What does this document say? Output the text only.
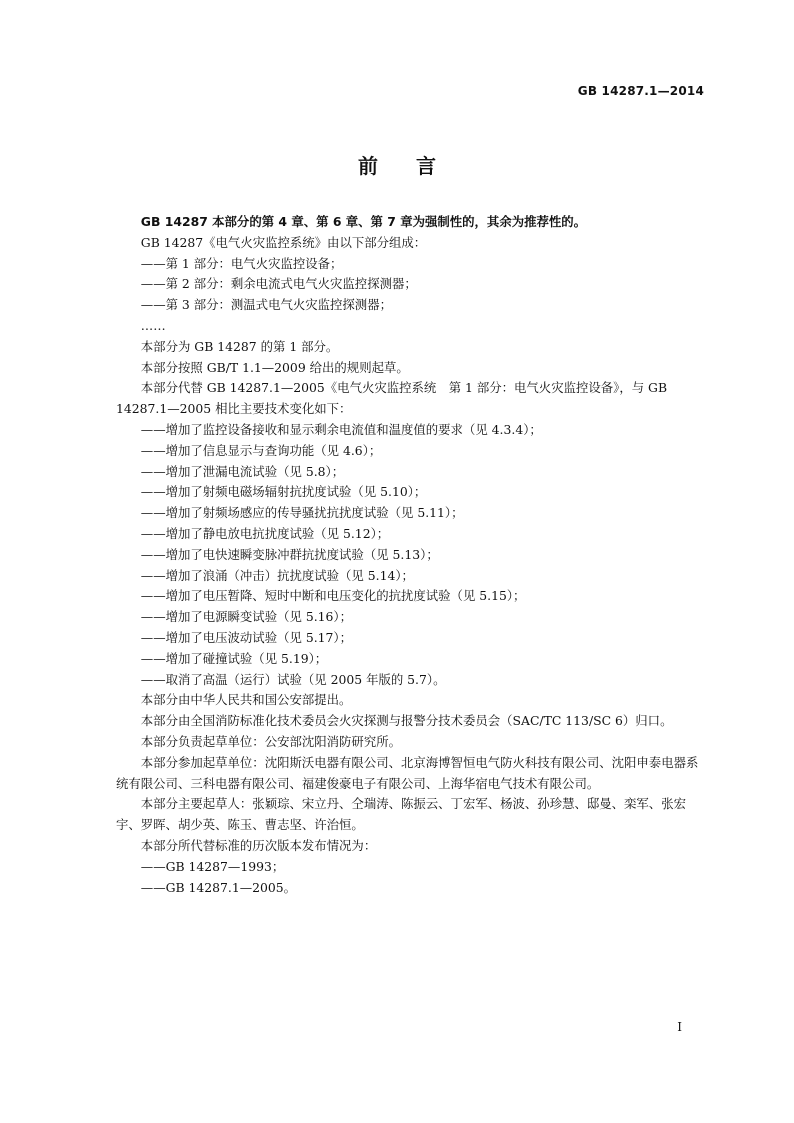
GB 14287.1—2014
前言

GB 14287 本部分的第 4 章、第 6 章、第 7 章为强制性的，其余为推荐性的。

GB 14287《电气火灾监控系统》由以下部分组成：

——第 1 部分：电气火灾监控设备；

——第 2 部分：剩余电流式电气火灾监控探测器；

——第 3 部分：测温式电气火灾监控探测器；

……

本部分为 GB 14287 的第 1 部分。

本部分按照 GB/T 1.1—2009 给出的规则起草。

本部分代替 GB 14287.1—2005《电气火灾监控系统　第 1 部分：电气火灾监控设备》，与 GB 14287.1—2005 相比主要技术变化如下：

——增加了监控设备接收和显示剩余电流值和温度值的要求（见 4.3.4）；

——增加了信息显示与查询功能（见 4.6）；

——增加了泄漏电流试验（见 5.8）；

——增加了射频电磁场辐射抗扰度试验（见 5.10）；

——增加了射频场感应的传导骚扰抗扰度试验（见 5.11）；

——增加了静电放电抗扰度试验（见 5.12）；

——增加了电快速瞬变脉冲群抗扰度试验（见 5.13）；

——增加了浪涌（冲击）抗扰度试验（见 5.14）；

——增加了电压暂降、短时中断和电压变化的抗扰度试验（见 5.15）；

——增加了电源瞬变试验（见 5.16）；

——增加了电压波动试验（见 5.17）；

——增加了碰撞试验（见 5.19）；

——取消了高温（运行）试验（见 2005 年版的 5.7）。

本部分由中华人民共和国公安部提出。

本部分由全国消防标准化技术委员会火灾探测与报警分技术委员会（SAC/TC 113/SC 6）归口。

本部分负责起草单位：公安部沈阳消防研究所。

本部分参加起草单位：沈阳斯沃电器有限公司、北京海博智恒电气防火科技有限公司、沈阳申泰电器系统有限公司、三科电器有限公司、福建俊豪电子有限公司、上海华宿电气技术有限公司。

本部分主要起草人：张颖琮、宋立丹、仝瑞涛、陈振云、丁宏军、杨波、孙珍慧、邸曼、栾军、张宏宇、罗晖、胡少英、陈玉、曹志坚、许治恒。

本部分所代替标准的历次版本发布情况为：

——GB 14287—1993；

——GB 14287.1—2005。

I
